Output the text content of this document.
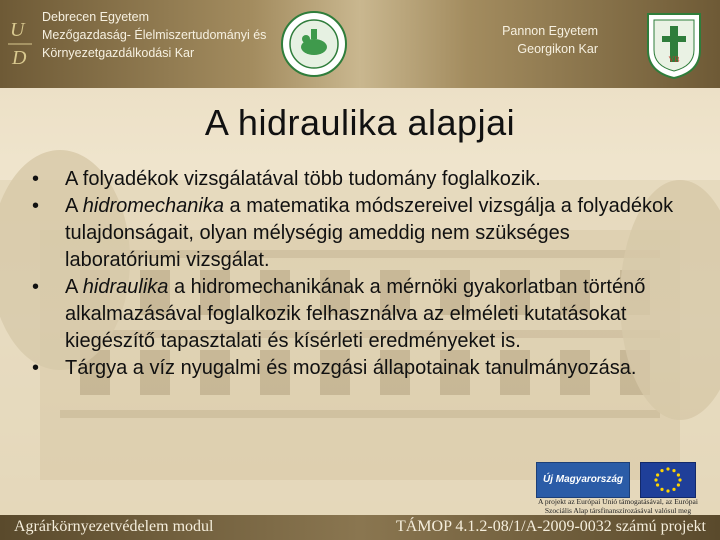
U
D
Debrecen Egyetem
Mezőgazdaság- Élelmiszertudományi és
Környezetgazdálkodási Kar
Pannon Egyetem
Georgikon Kar
VB
A hidraulika alapjai
• A folyadékok vizsgálatával több tudomány foglalkozik.
• A hidromechanika a matematika módszereivel vizsgálja a folyadékok tulajdonságait, olyan mélységig ameddig nem szükséges laboratóriumi vizsgálat.
• A hidraulika a hidromechanikának a mérnöki gyakorlatban történő alkalmazásával foglalkozik felhasználva az elméleti kutatásokat kiegészítő tapasztalati és kísérleti eredményeket is.
• Tárgya a víz nyugalmi és mozgási állapotainak tanulmányozása.
Új Magyarország
A projekt az Európai Unió támogatásával, az Európai Szociális Alap társfinanszírozásával valósul meg
Agrárkörnyezetvédelem modul	TÁMOP 4.1.2-08/1/A-2009-0032 számú projekt
